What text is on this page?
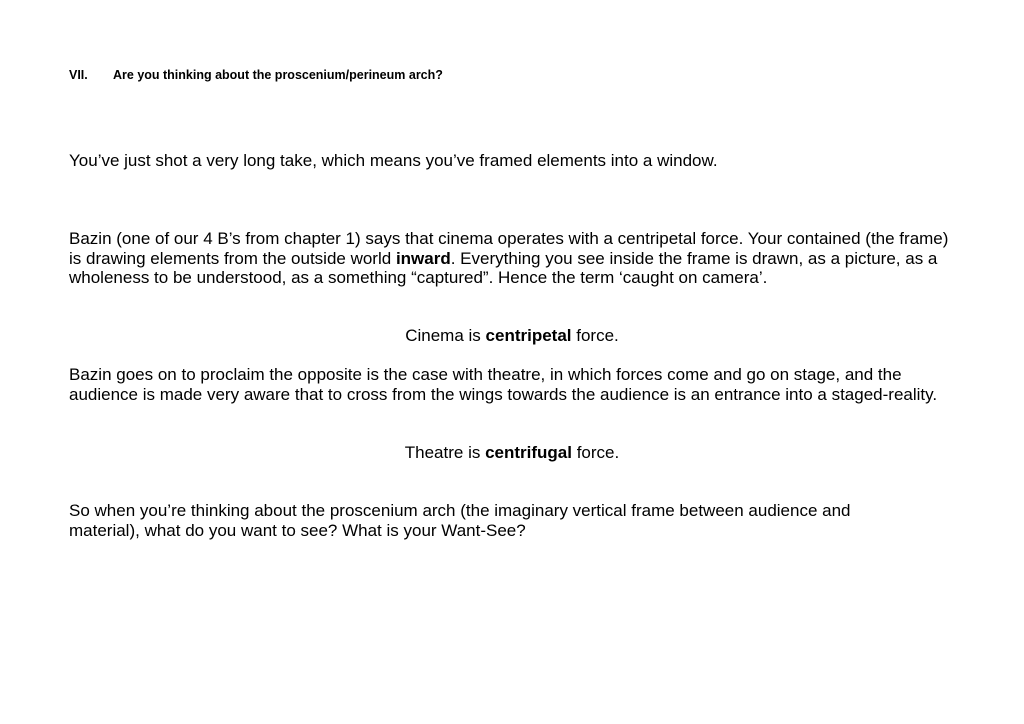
VII. Are you thinking about the proscenium/perineum arch?

You’ve just shot a very long take, which means you’ve framed elements into a window.

Bazin (one of our 4 B’s from chapter 1) says that cinema operates with a centripetal force. Your contained (the frame) is drawing elements from the outside world inward. Everything you see inside the frame is drawn, as a picture, as a wholeness to be understood, as a something “captured”. Hence the term ‘caught on camera’.

Cinema is centripetal force.

Bazin goes on to proclaim the opposite is the case with theatre, in which forces come and go on stage, and the audience is made very aware that to cross from the wings towards the audience is an entrance into a staged-reality.

Theatre is centrifugal force.

So when you’re thinking about the proscenium arch (the imaginary vertical frame between audience and material), what do you want to see? What is your Want-See?
